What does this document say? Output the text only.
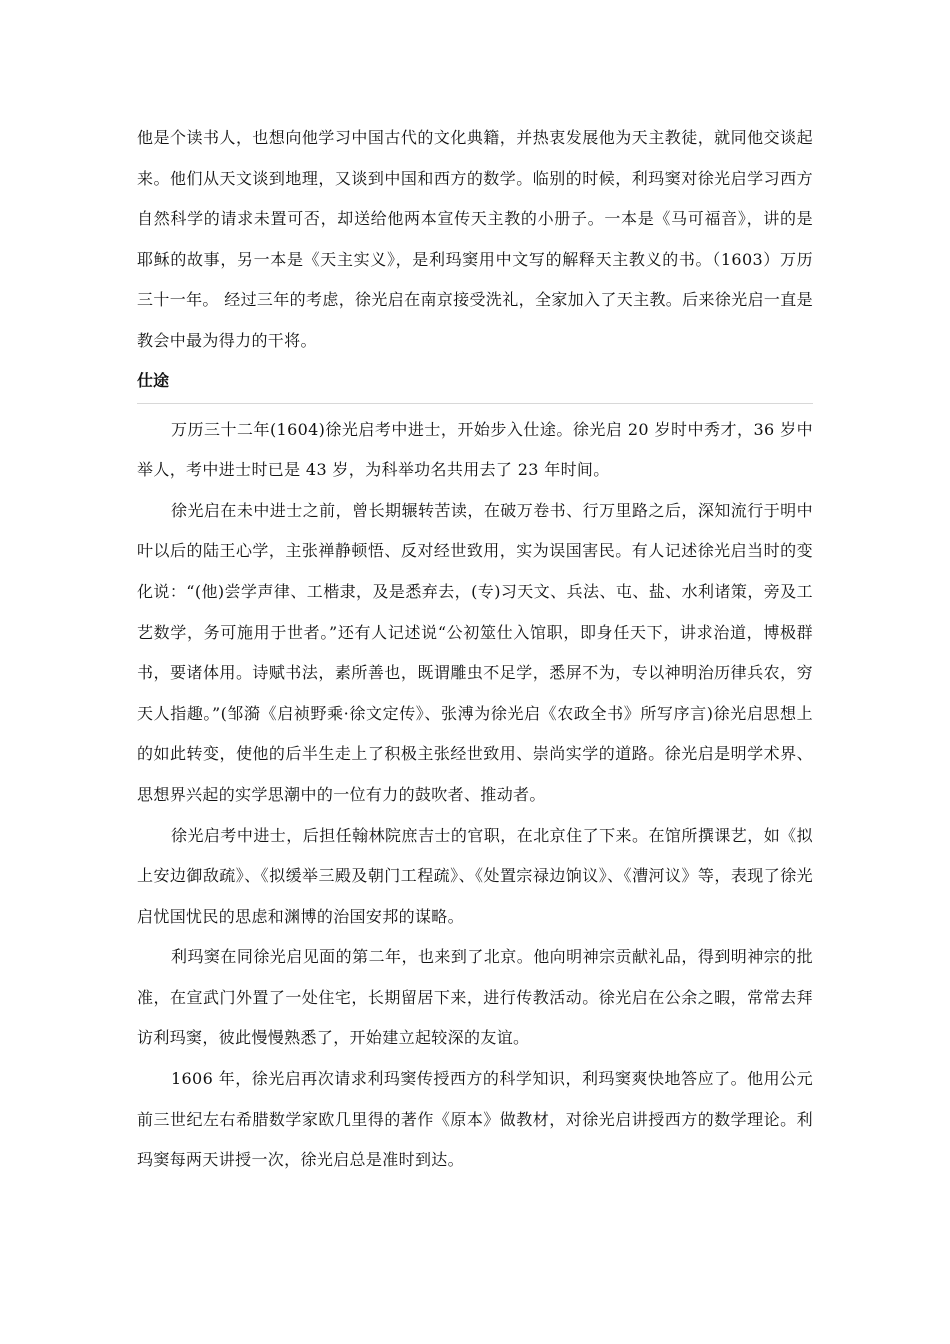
他是个读书人，也想向他学习中国古代的文化典籍，并热衷发展他为天主教徒，就同他交谈起来。他们从天文谈到地理，又谈到中国和西方的数学。临别的时候，利玛窦对徐光启学习西方自然科学的请求未置可否，却送给他两本宣传天主教的小册子。一本是《马可福音》，讲的是耶稣的故事，另一本是《天主实义》，是利玛窦用中文写的解释天主教义的书。（1603）万历三十一年。 经过三年的考虑，徐光启在南京接受洗礼，全家加入了天主教。后来徐光启一直是教会中最为得力的干将。

仕途

万历三十二年(1604)徐光启考中进士，开始步入仕途。徐光启 20 岁时中秀才，36 岁中举人，考中进士时已是 43 岁，为科举功名共用去了 23 年时间。

徐光启在未中进士之前，曾长期辗转苦读，在破万卷书、行万里路之后，深知流行于明中叶以后的陆王心学，主张禅静顿悟、反对经世致用，实为误国害民。有人记述徐光启当时的变化说：“(他)尝学声律、工楷隶，及是悉弃去，(专)习天文、兵法、屯、盐、水利诸策，旁及工艺数学，务可施用于世者。”还有人记述说“公初筮仕入馆职，即身任天下，讲求治道，博极群书，要诸体用。诗赋书法，素所善也，既谓雕虫不足学，悉屏不为，专以神明治历律兵农，穷天人指趣。”(邹漪《启祯野乘·徐文定传》、张溥为徐光启《农政全书》所写序言)徐光启思想上的如此转变，使他的后半生走上了积极主张经世致用、崇尚实学的道路。徐光启是明学术界、思想界兴起的实学思潮中的一位有力的鼓吹者、推动者。

徐光启考中进士，后担任翰林院庶吉士的官职，在北京住了下来。在馆所撰课艺，如《拟上安边御敌疏》、《拟缓举三殿及朝门工程疏》、《处置宗禄边饷议》、《漕河议》等，表现了徐光启忧国忧民的思虑和渊博的治国安邦的谋略。

利玛窦在同徐光启见面的第二年，也来到了北京。他向明神宗贡献礼品，得到明神宗的批准，在宣武门外置了一处住宅，长期留居下来，进行传教活动。徐光启在公余之暇，常常去拜访利玛窦，彼此慢慢熟悉了，开始建立起较深的友谊。

1606 年，徐光启再次请求利玛窦传授西方的科学知识，利玛窦爽快地答应了。他用公元前三世纪左右希腊数学家欧几里得的著作《原本》做教材，对徐光启讲授西方的数学理论。利玛窦每两天讲授一次，徐光启总是准时到达。
